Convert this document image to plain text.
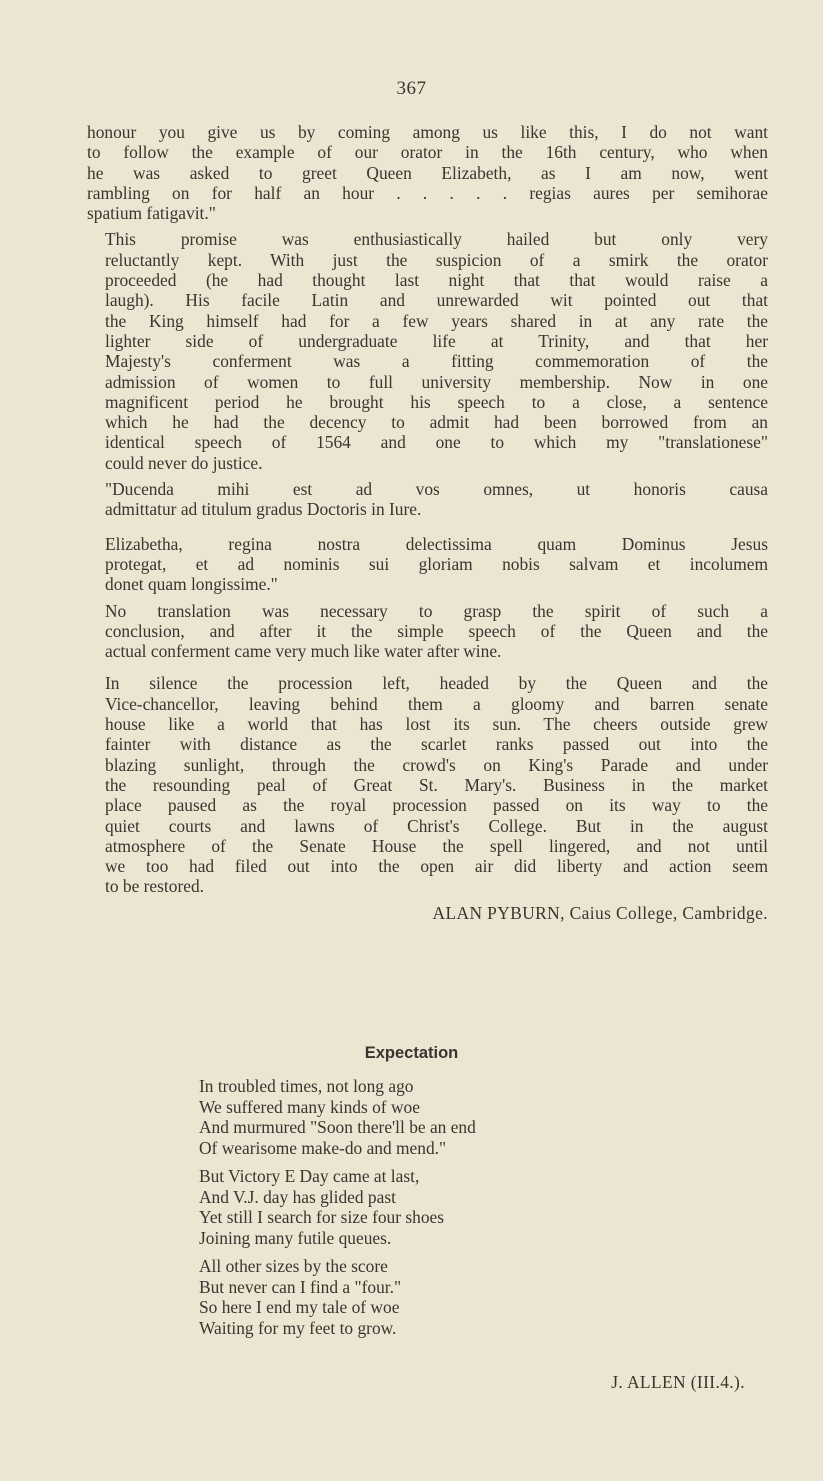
367

honour you give us by coming among us like this, I do not want
to follow the example of our orator in the 16th century, who when
he was asked to greet Queen Elizabeth, as I am now, went
rambling on for half an hour . . . . . regias aures per semihorae
spatium fatigavit."

This promise was enthusiastically hailed but only very
reluctantly kept. With just the suspicion of a smirk the orator
proceeded (he had thought last night that that would raise a
laugh). His facile Latin and unrewarded wit pointed out that
the King himself had for a few years shared in at any rate the
lighter side of undergraduate life at Trinity, and that her
Majesty's conferment was a fitting commemoration of the
admission of women to full university membership. Now in one
magnificent period he brought his speech to a close, a sentence
which he had the decency to admit had been borrowed from an
identical speech of 1564 and one to which my "translationese"
could never do justice.

"Ducenda mihi est ad vos omnes, ut honoris causa
admittatur ad titulum gradus Doctoris in Iure.

Elizabetha, regina nostra delectissima quam Dominus Jesus
protegat, et ad nominis sui gloriam nobis salvam et incolumem
donet quam longissime."

No translation was necessary to grasp the spirit of such a
conclusion, and after it the simple speech of the Queen and the
actual conferment came very much like water after wine.

In silence the procession left, headed by the Queen and the
Vice-chancellor, leaving behind them a gloomy and barren senate
house like a world that has lost its sun. The cheers outside grew
fainter with distance as the scarlet ranks passed out into the
blazing sunlight, through the crowd's on King's Parade and under
the resounding peal of Great St. Mary's. Business in the market
place paused as the royal procession passed on its way to the
quiet courts and lawns of Christ's College. But in the august
atmosphere of the Senate House the spell lingered, and not until
we too had filed out into the open air did liberty and action seem
to be restored.

ALAN PYBURN, Caius College, Cambridge.
Expectation
In troubled times, not long ago
We suffered many kinds of woe
And murmured "Soon there'll be an end
Of wearisome make-do and mend."
But Victory E Day came at last,
And V.J. day has glided past
Yet still I search for size four shoes
Joining many futile queues.
All other sizes by the score
But never can I find a "four."
So here I end my tale of woe
Waiting for my feet to grow.
J. ALLEN (III.4.).
